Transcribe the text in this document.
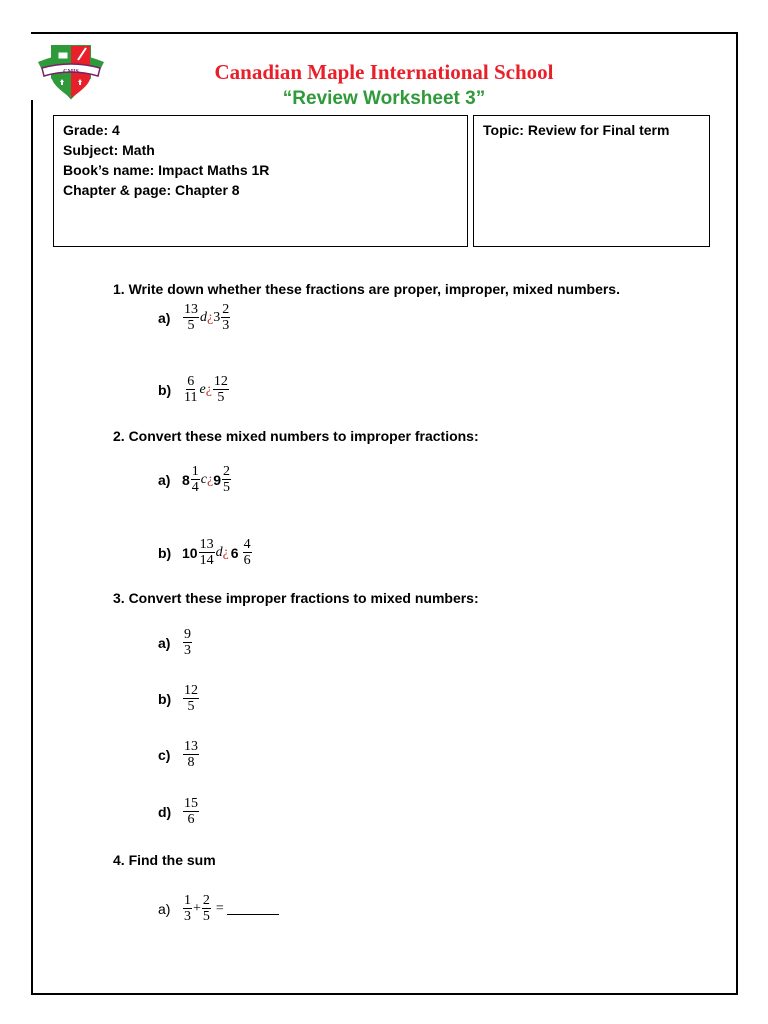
CMIS	Canadian Maple International School
“Review Worksheet 3”
Grade: 4
Subject: Math
Book’s name: Impact Maths 1R
Chapter & page: Chapter 8
Topic: Review for Final term
1. Write down whether these fractions are proper, improper, mixed numbers.
$a) \frac{13}{5}$ d ¿ $3 \frac{2}{3}$
$b) \frac{6}{11}$ e ¿ $\frac{12}{5}$
2. Convert these mixed numbers to improper fractions:
a) $8 \frac{1}{4}$ c ¿ $9 \frac{2}{5}$
b) $10 \frac{13}{14}$ d ¿ $6 \frac{4}{6}$
3. Convert these improper fractions to mixed numbers:
$a) \frac{9}{3}$
$b) \frac{12}{5}$
$c) \frac{13}{8}$
$d) \frac{15}{6}$
4. Find the sum
$a) \frac{1}{3} + \frac{2}{5}$ =
